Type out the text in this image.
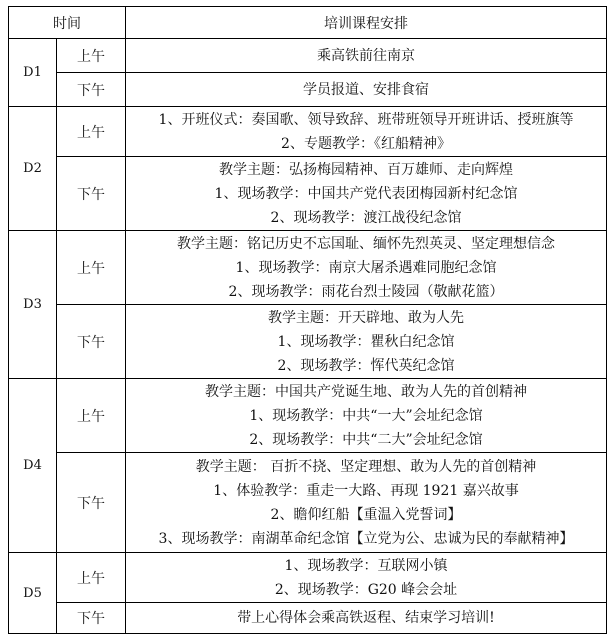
时间		培训课程安排
D1	上午	乘高铁前往南京

	下午	学员报道、安排食宿

D2	上午	1、开班仪式：奏国歌、领导致辞、班带班领导开班讲话、授班旗等
2、专题教学：《红船精神》

	下午	教学主题：弘扬梅园精神、百万雄师、走向辉煌
1、现场教学：中国共产党代表团梅园新村纪念馆
2、现场教学：渡江战役纪念馆

D3	上午	教学主题：铭记历史不忘国耻、缅怀先烈英灵、坚定理想信念
1、现场教学：南京大屠杀遇难同胞纪念馆
2、现场教学：雨花台烈士陵园（敬献花篮）

	下午	教学主题：开天辟地、敢为人先
1、现场教学：瞿秋白纪念馆
2、现场教学：恽代英纪念馆

D4	上午	教学主题：中国共产党诞生地、敢为人先的首创精神
1、现场教学：中共“一大”会址纪念馆
2、现场教学：中共“二大”会址纪念馆

	下午	教学主题： 百折不挠、坚定理想、敢为人先的首创精神
1、体验教学：重走一大路、再现 1921 嘉兴故事
2、瞻仰红船【重温入党誓词】
3、现场教学：南湖革命纪念馆【立党为公、忠诚为民的奉献精神】

D5	上午	1、现场教学：互联网小镇
2、现场教学：G20 峰会会址

	下午	带上心得体会乘高铁返程、结束学习培训!
